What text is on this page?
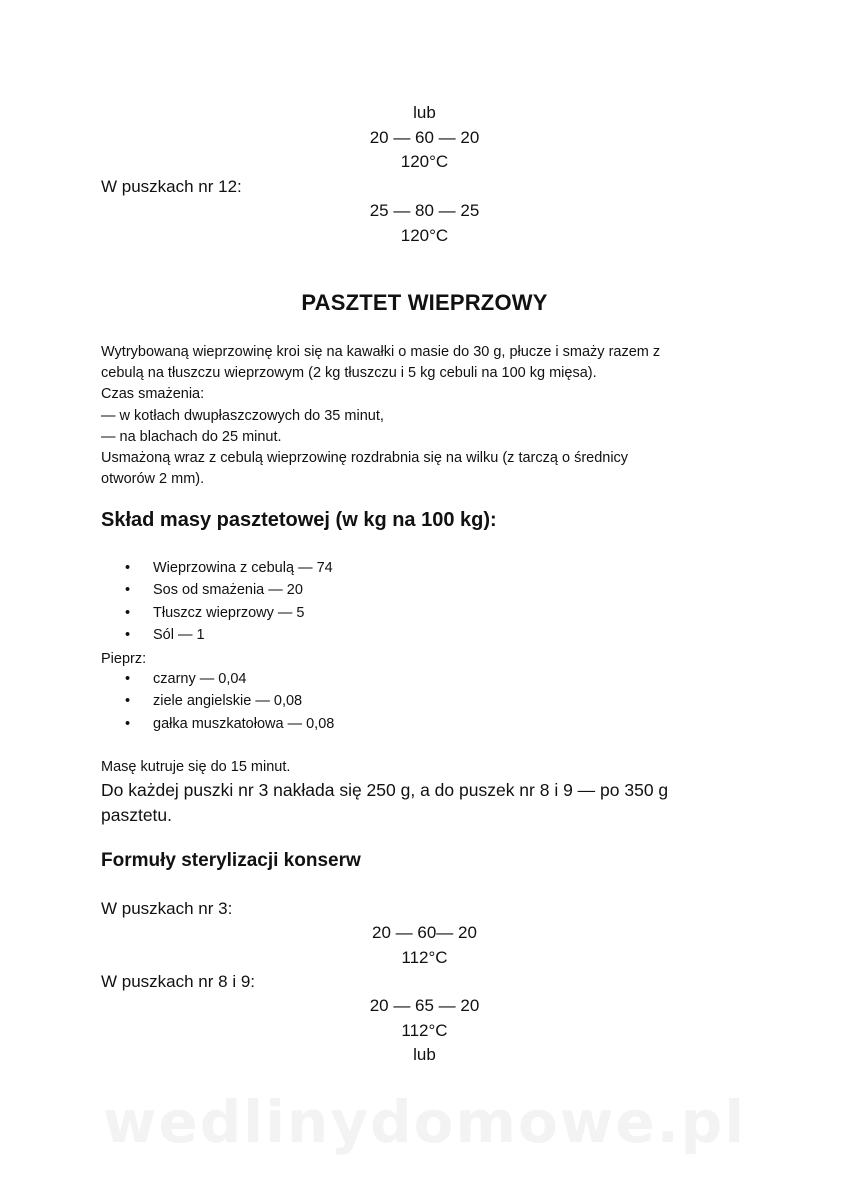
lub
20 — 60 — 20
120°C
W puszkach nr 12:
25 — 80 — 25
120°C
PASZTET WIEPRZOWY
Wytrybowaną wieprzowinę kroi się na kawałki o masie do 30 g, płucze i smaży razem z
cebulą na tłuszczu wieprzowym (2 kg tłuszczu i 5 kg cebuli na 100 kg mięsa).
Czas smażenia:
— w kotłach dwupłaszczowych do 35 minut,
— na blachach do 25 minut.
Usmażoną wraz z cebulą wieprzowinę rozdrabnia się na wilku (z tarczą o średnicy
otworów 2 mm).
Skład masy pasztetowej (w kg na 100 kg):
• Wieprzowina z cebulą — 74
• Sos od smażenia — 20
• Tłuszcz wieprzowy — 5
• Sól — 1
Pieprz:
• czarny — 0,04
• ziele angielskie — 0,08
• gałka muszkatołowa — 0,08
Masę kutruje się do 15 minut.
Do każdej puszki nr 3 nakłada się 250 g, a do puszek nr 8 i 9 — po 350 g
pasztetu.
Formuły sterylizacji konserw
W puszkach nr 3:
20 — 60— 20
112°C
W puszkach nr 8 i 9:
20 — 65 — 20
112°C
lub
wedlinydomowe.pl
